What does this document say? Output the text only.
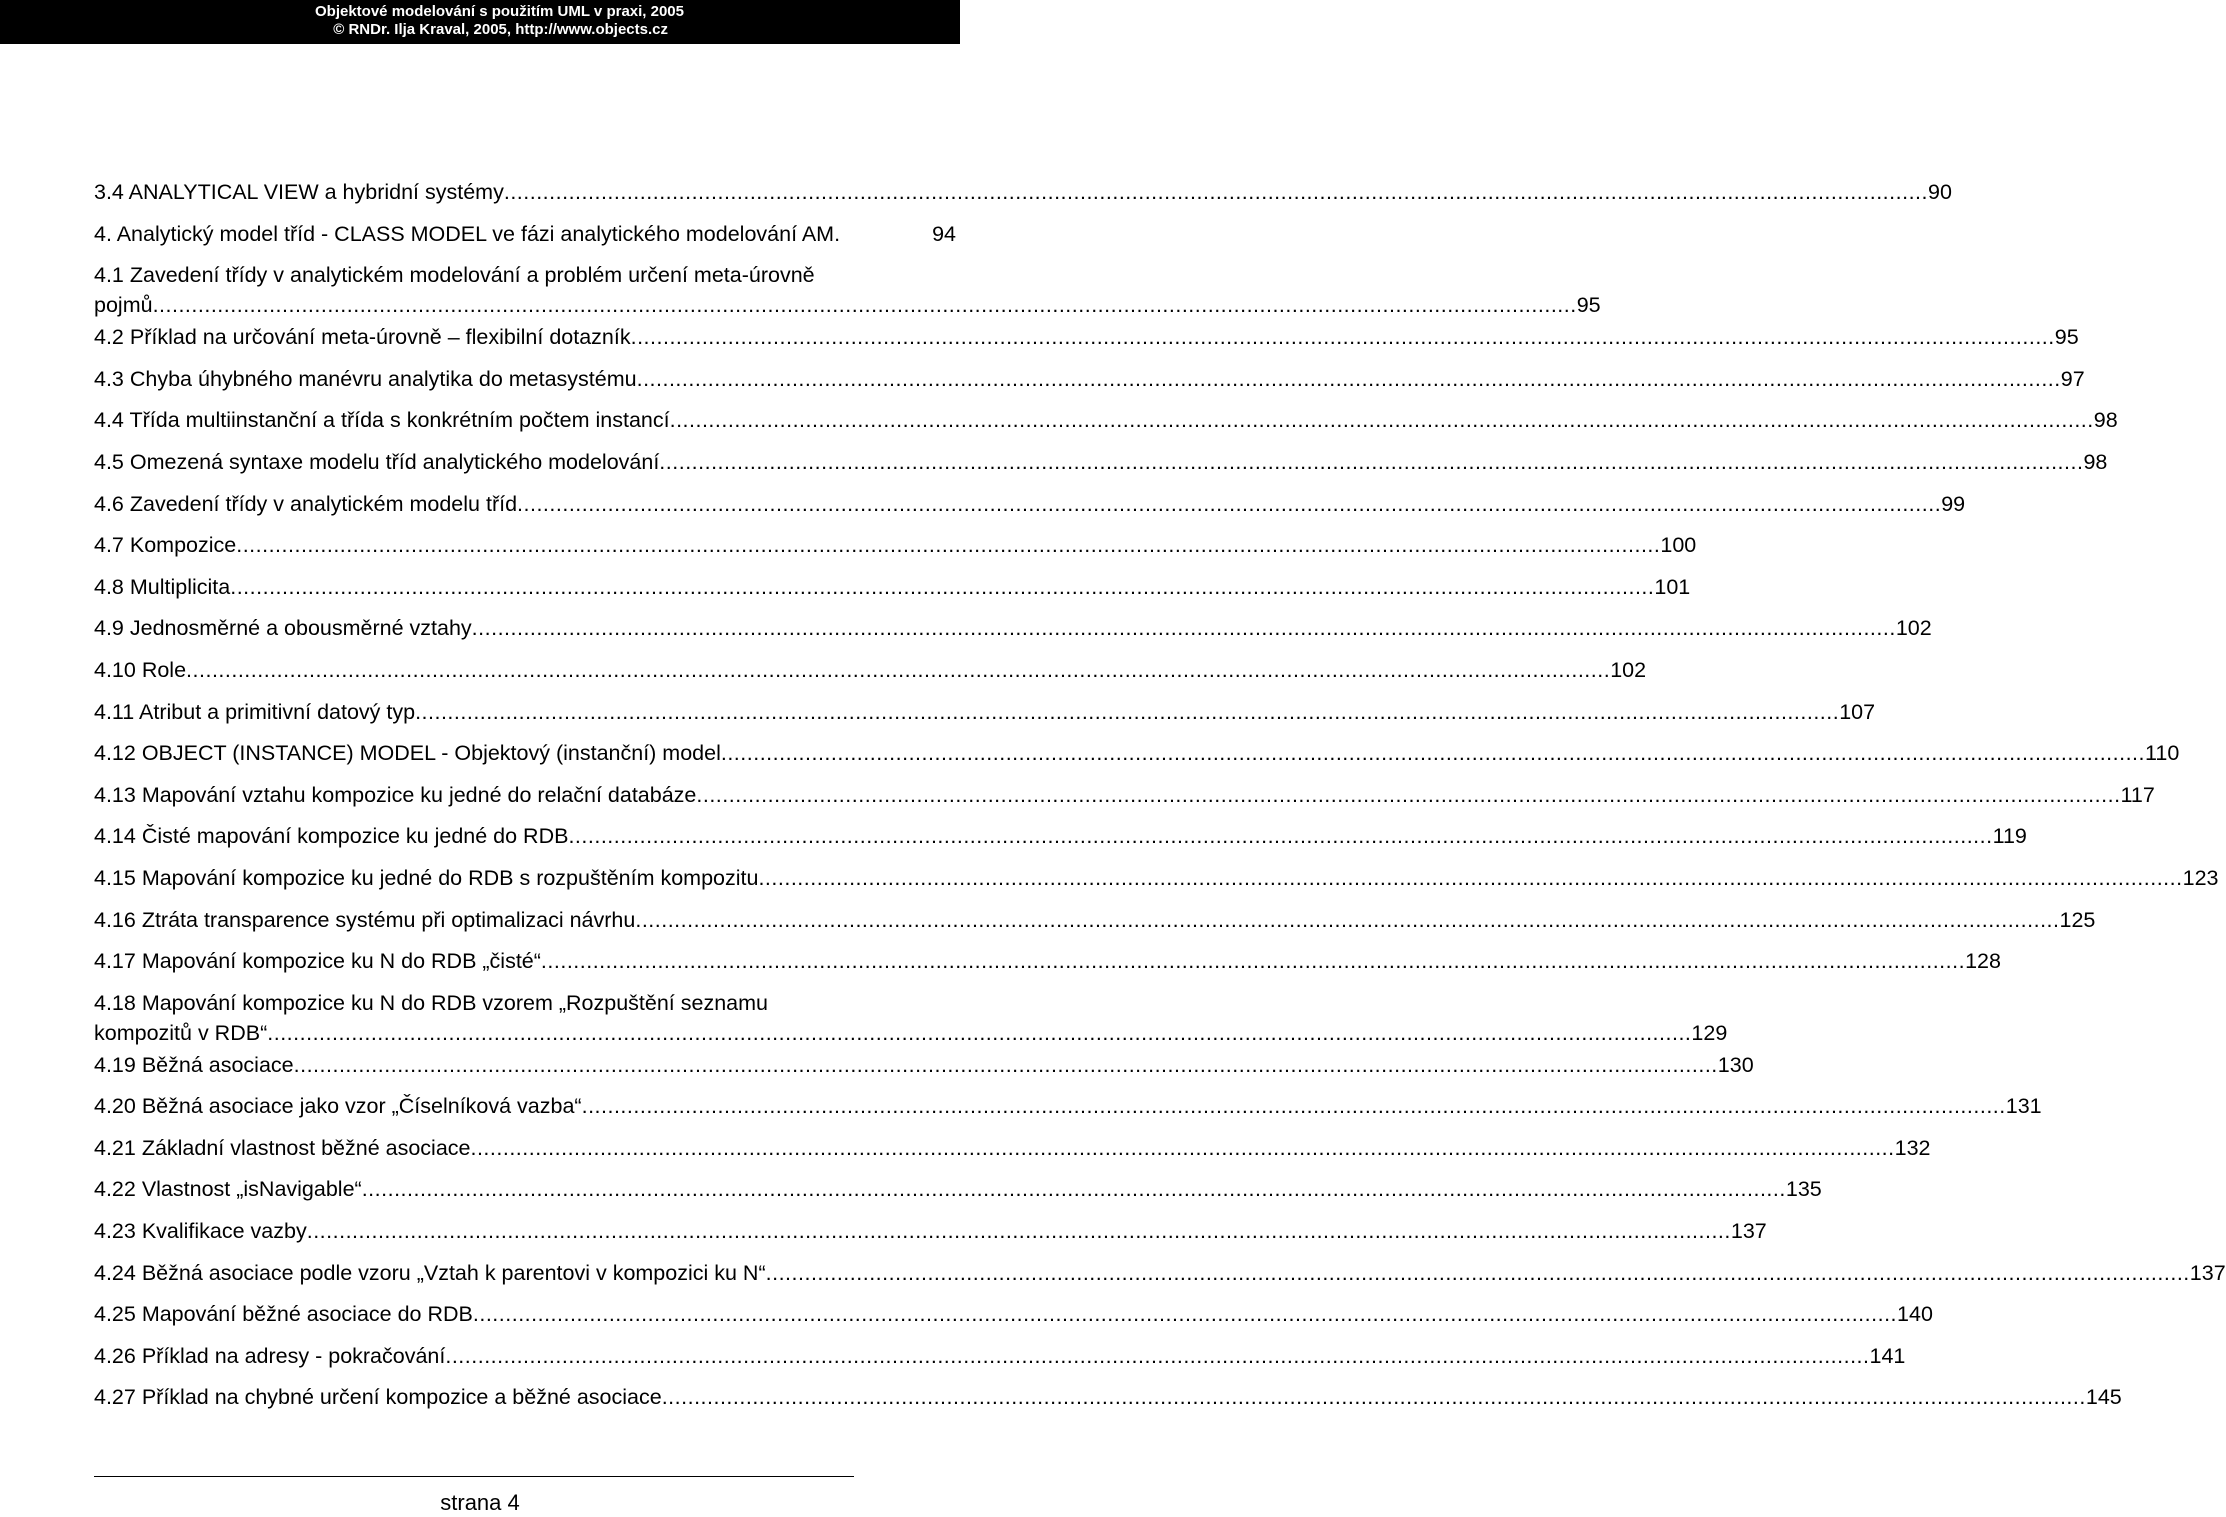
Objektové modelování s použitím UML v praxi, 2005
© RNDr. Ilja Kraval, 2005, http://www.objects.cz
3.4 ANALYTICAL VIEW a hybridní systémy ............................................................................................................................................................................................................................ 90
4. Analytický model tříd - CLASS MODEL ve fázi analytického modelování AM.	94
4.1 Zavedení třídy v analytickém modelování a problém určení meta-úrovně
pojmů ............................................................................................................................................................................................................................ 95
4.2 Příklad na určování meta-úrovně – flexibilní dotazník ............................................................................................................................................................................................................................ 95
4.3 Chyba úhybného manévru analytika do metasystému ............................................................................................................................................................................................................................ 97
4.4 Třída multiinstanční a třída s konkrétním počtem instancí ............................................................................................................................................................................................................................ 98
4.5 Omezená syntaxe modelu tříd analytického modelování ............................................................................................................................................................................................................................ 98
4.6 Zavedení třídy v analytickém modelu tříd ............................................................................................................................................................................................................................ 99
4.7 Kompozice ............................................................................................................................................................................................................................ 100
4.8 Multiplicita ............................................................................................................................................................................................................................ 101
4.9 Jednosměrné a obousměrné vztahy ............................................................................................................................................................................................................................ 102
4.10 Role ............................................................................................................................................................................................................................ 102
4.11 Atribut a primitivní datový typ ............................................................................................................................................................................................................................ 107
4.12 OBJECT (INSTANCE) MODEL - Objektový (instanční) model ............................................................................................................................................................................................................................ 110
4.13 Mapování vztahu kompozice ku jedné do relační databáze ............................................................................................................................................................................................................................ 117
4.14 Čisté mapování kompozice ku jedné do RDB ............................................................................................................................................................................................................................ 119
4.15 Mapování kompozice ku jedné do RDB s rozpuštěním kompozitu ............................................................................................................................................................................................................................ 123
4.16 Ztráta transparence systému při optimalizaci návrhu ............................................................................................................................................................................................................................ 125
4.17 Mapování kompozice ku N do RDB „čisté“ ............................................................................................................................................................................................................................ 128
4.18 Mapování kompozice ku N do RDB vzorem „Rozpuštění seznamu
kompozitů v RDB“ ............................................................................................................................................................................................................................ 129
4.19 Běžná asociace ............................................................................................................................................................................................................................ 130
4.20 Běžná asociace jako vzor „Číselníková vazba“ ............................................................................................................................................................................................................................ 131
4.21 Základní vlastnost běžné asociace ............................................................................................................................................................................................................................ 132
4.22 Vlastnost „isNavigable“ ............................................................................................................................................................................................................................ 135
4.23 Kvalifikace vazby ............................................................................................................................................................................................................................ 137
4.24 Běžná asociace podle vzoru „Vztah k parentovi v kompozici ku N“ ............................................................................................................................................................................................................................ 137
4.25 Mapování běžné asociace do RDB ............................................................................................................................................................................................................................ 140
4.26 Příklad na adresy - pokračování ............................................................................................................................................................................................................................ 141
4.27 Příklad na chybné určení kompozice a běžné asociace ............................................................................................................................................................................................................................ 145
strana 4
